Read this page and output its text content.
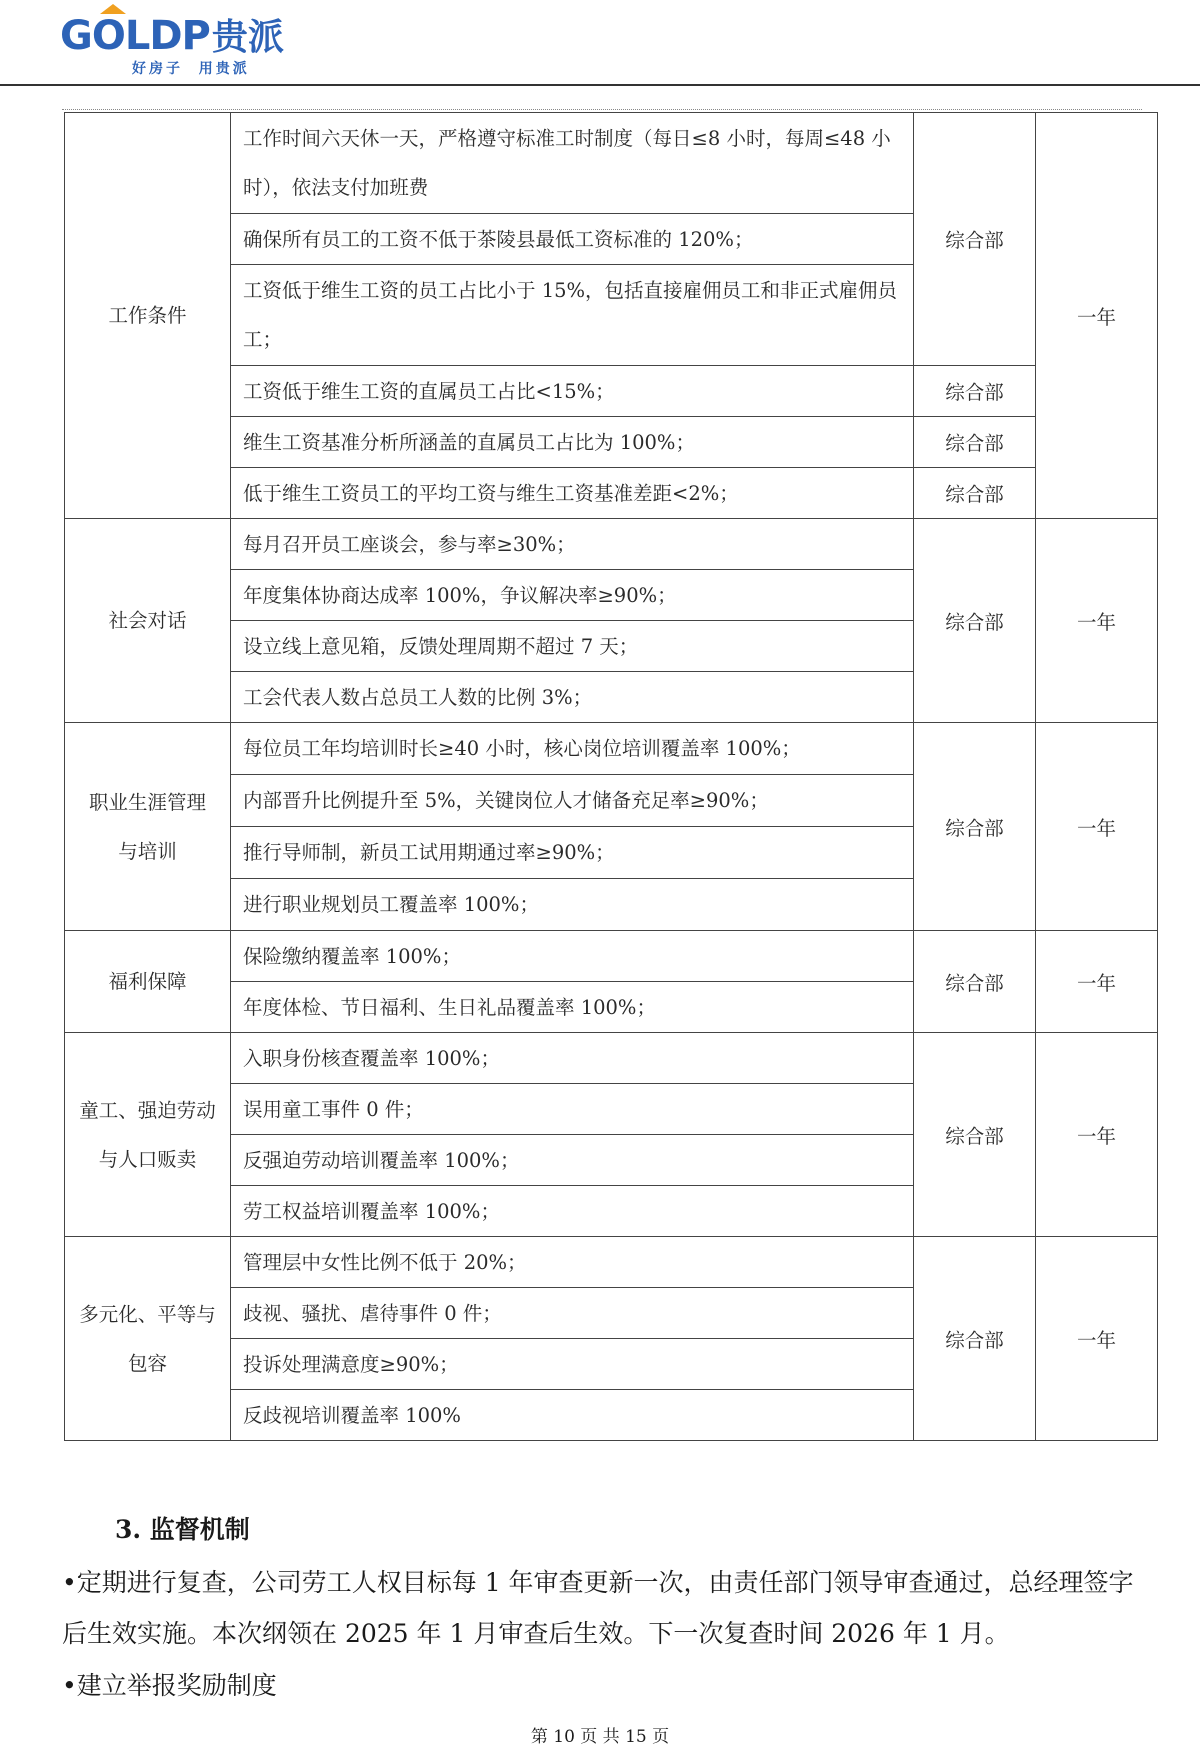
GOLDP 贵派
好房子  用贵派
工作条件	工作时间六天休一天，严格遵守标准工时制度（每日≤8 小时，每周≤48 小时），依法支付加班费	综合部	一年

	确保所有员工的工资不低于茶陵县最低工资标准的 120%；		

	工资低于维生工资的员工占比小于 15%，包括直接雇佣员工和非正式雇佣员工；		

	工资低于维生工资的直属员工占比<15%；	综合部	

	维生工资基准分析所涵盖的直属员工占比为 100%；	综合部	

	低于维生工资员工的平均工资与维生工资基准差距<2%；	综合部	
社会对话	每月召开员工座谈会，参与率≥30%；	综合部	一年

	年度集体协商达成率 100%，争议解决率≥90%；		

	设立线上意见箱，反馈处理周期不超过 7 天；		

	工会代表人数占总员工人数的比例 3%；		

职业生涯管理
与培训	每位员工年均培训时长≥40 小时，核心岗位培训覆盖率 100%；	综合部	一年

	内部晋升比例提升至 5%，关键岗位人才储备充足率≥90%；		

	推行导师制，新员工试用期通过率≥90%；		

	进行职业规划员工覆盖率 100%；		

福利保障	保险缴纳覆盖率 100%；	综合部	一年

	年度体检、节日福利、生日礼品覆盖率 100%；		

童工、强迫劳动
与人口贩卖	入职身份核查覆盖率 100%；	综合部	一年

	误用童工事件 0 件；		

	反强迫劳动培训覆盖率 100%；		

	劳工权益培训覆盖率 100%；		

多元化、平等与
包容	管理层中女性比例不低于 20%；	综合部	一年

	歧视、骚扰、虐待事件 0 件；		

	投诉处理满意度≥90%；		

	反歧视培训覆盖率 100%		
3. 监督机制
•定期进行复查，公司劳工人权目标每 1 年审查更新一次，由责任部门领导审查通过，总经理签字后生效实施。本次纲领在 2025 年 1 月审查后生效。下一次复查时间 2026 年 1 月。
•建立举报奖励制度
第 10 页 共 15 页
